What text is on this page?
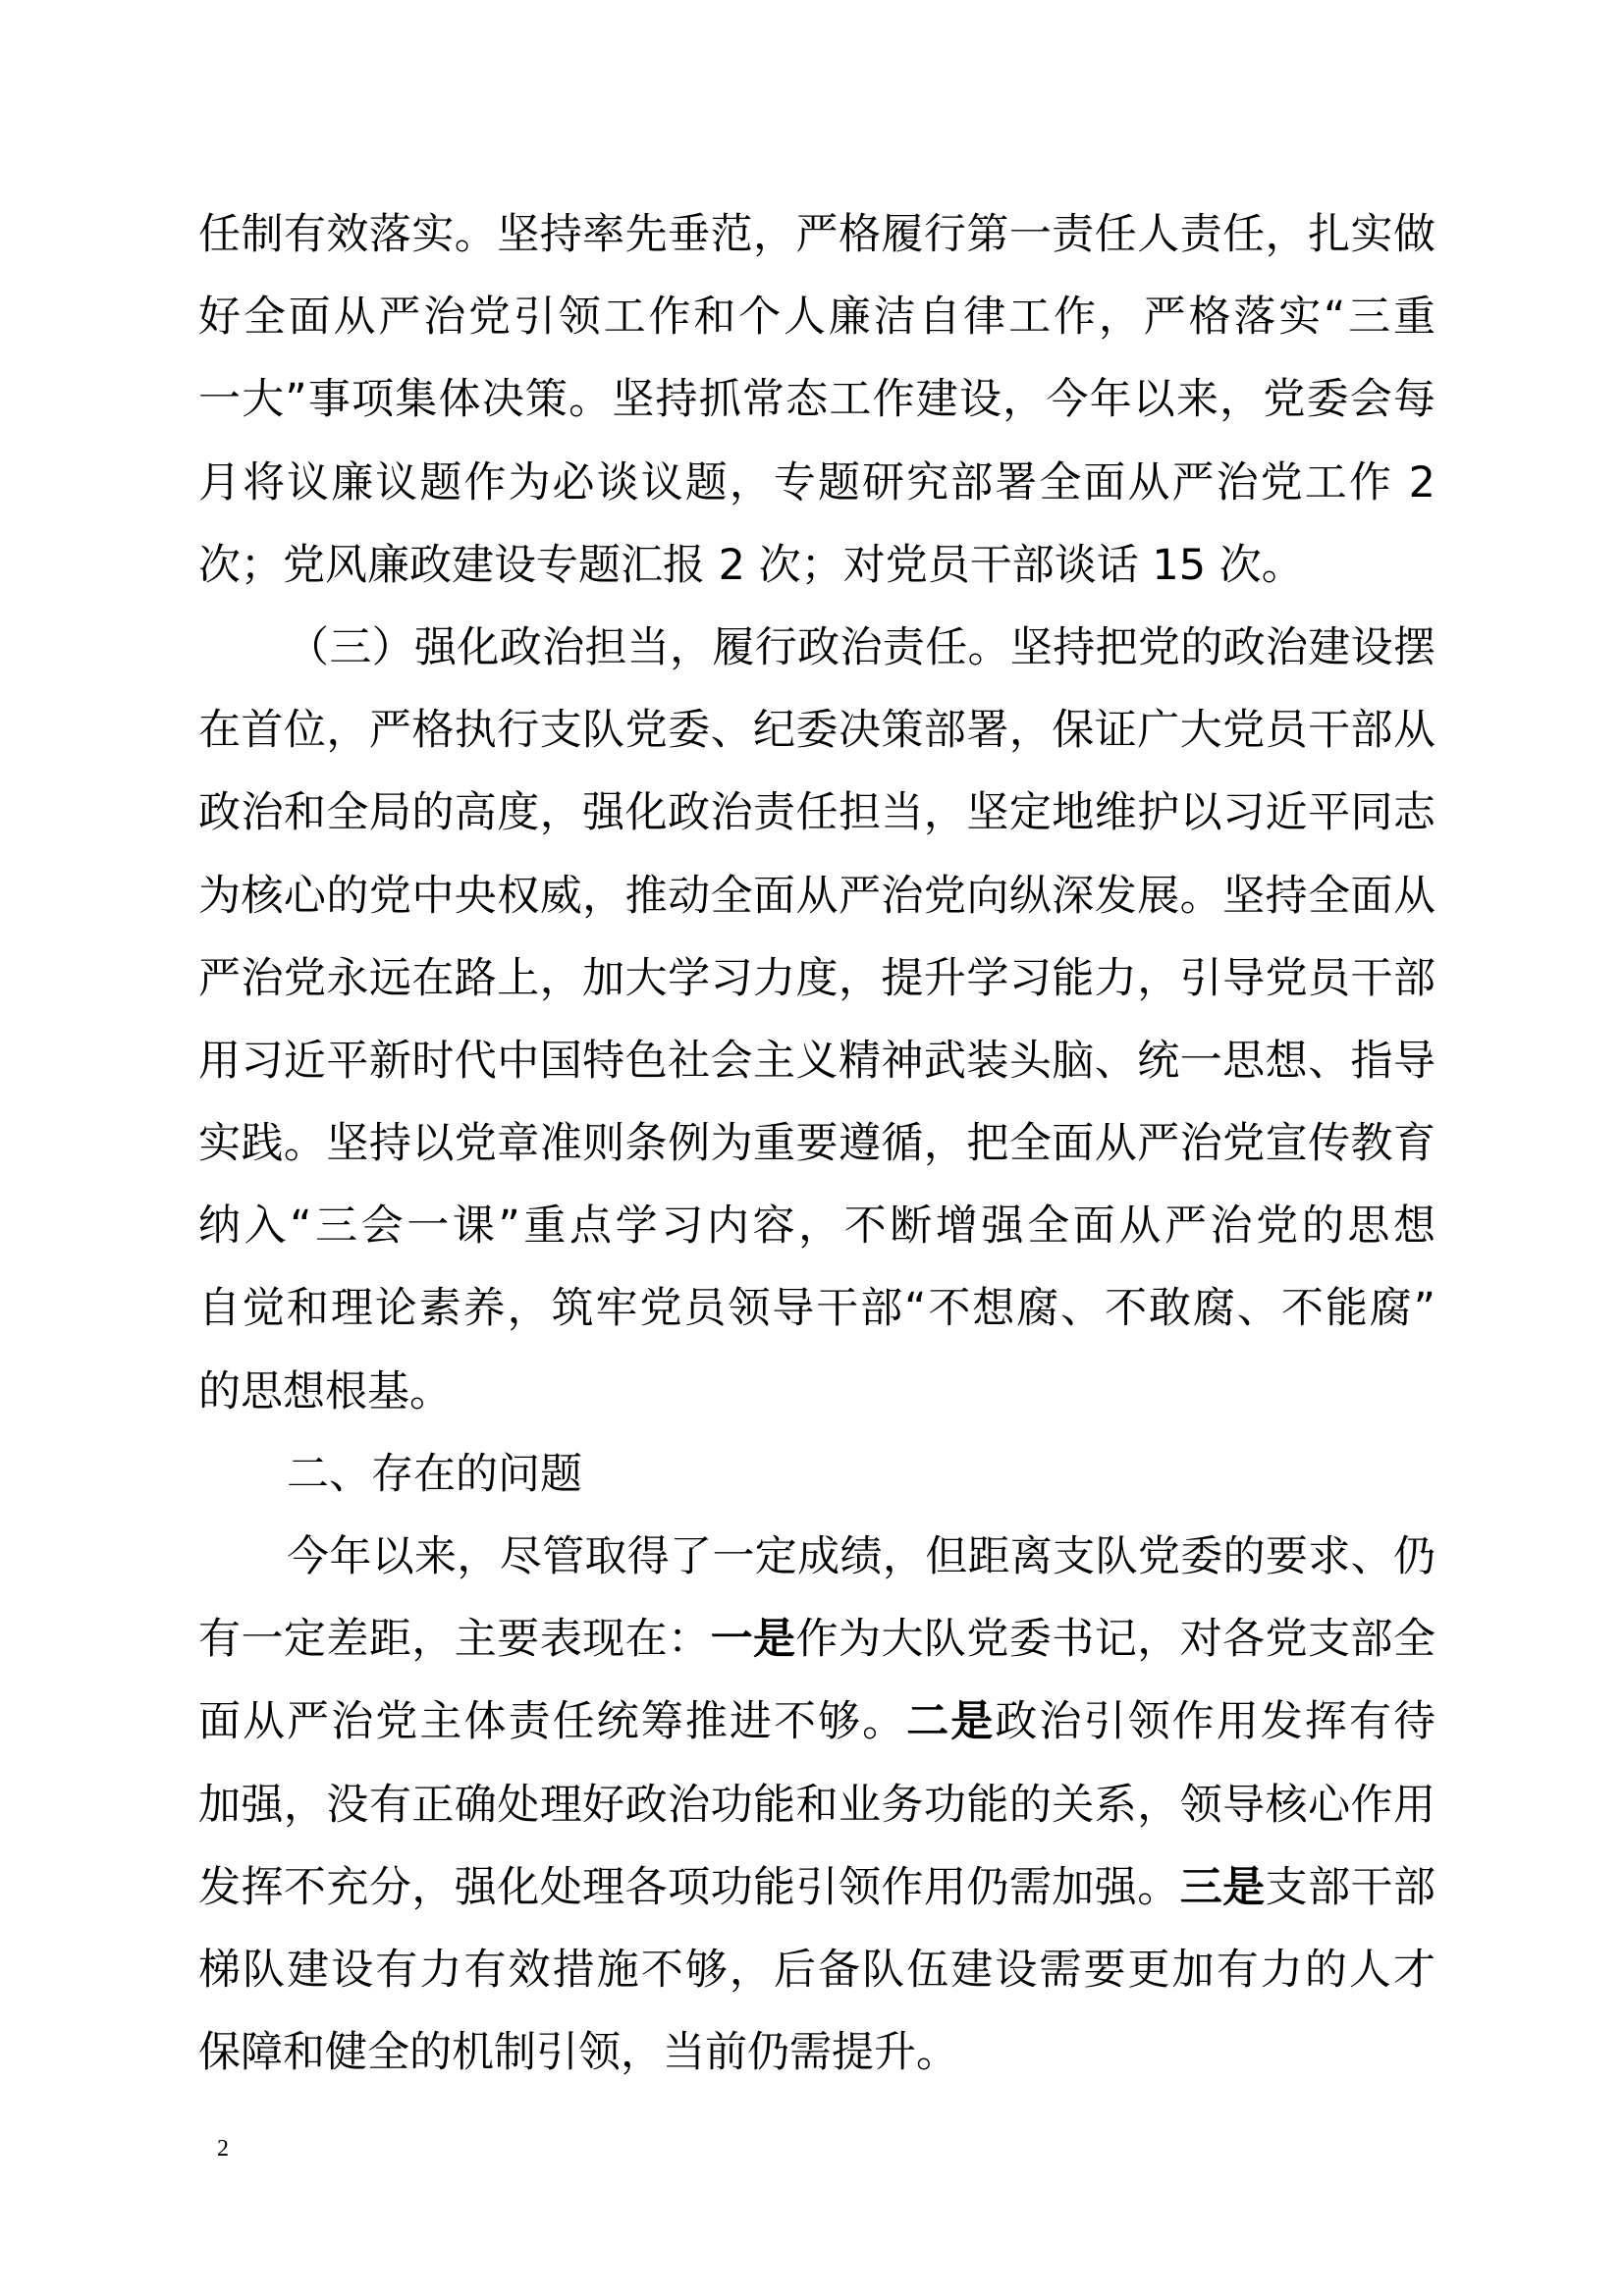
任制有效落实。坚持率先垂范，严格履行第一责任人责任，扎实做
好全面从严治党引领工作和个人廉洁自律工作，严格落实“三重
一大”事项集体决策。坚持抓常态工作建设，今年以来，党委会每
月将议廉议题作为必谈议题，专题研究部署全面从严治党工作 2
次；党风廉政建设专题汇报 2 次；对党员干部谈话 15 次。
（三）强化政治担当，履行政治责任。坚持把党的政治建设摆
在首位，严格执行支队党委、纪委决策部署，保证广大党员干部从
政治和全局的高度，强化政治责任担当，坚定地维护以习近平同志
为核心的党中央权威，推动全面从严治党向纵深发展。坚持全面从
严治党永远在路上，加大学习力度，提升学习能力，引导党员干部
用习近平新时代中国特色社会主义精神武装头脑、统一思想、指导
实践。坚持以党章准则条例为重要遵循，把全面从严治党宣传教育
纳入“三会一课”重点学习内容，不断增强全面从严治党的思想
自觉和理论素养，筑牢党员领导干部“不想腐、不敢腐、不能腐”
的思想根基。
二、存在的问题
今年以来，尽管取得了一定成绩，但距离支队党委的要求、仍
有一定差距，主要表现在：一是作为大队党委书记，对各党支部全
面从严治党主体责任统筹推进不够。二是政治引领作用发挥有待
加强，没有正确处理好政治功能和业务功能的关系，领导核心作用
发挥不充分，强化处理各项功能引领作用仍需加强。三是支部干部
梯队建设有力有效措施不够，后备队伍建设需要更加有力的人才
保障和健全的机制引领，当前仍需提升。
2
